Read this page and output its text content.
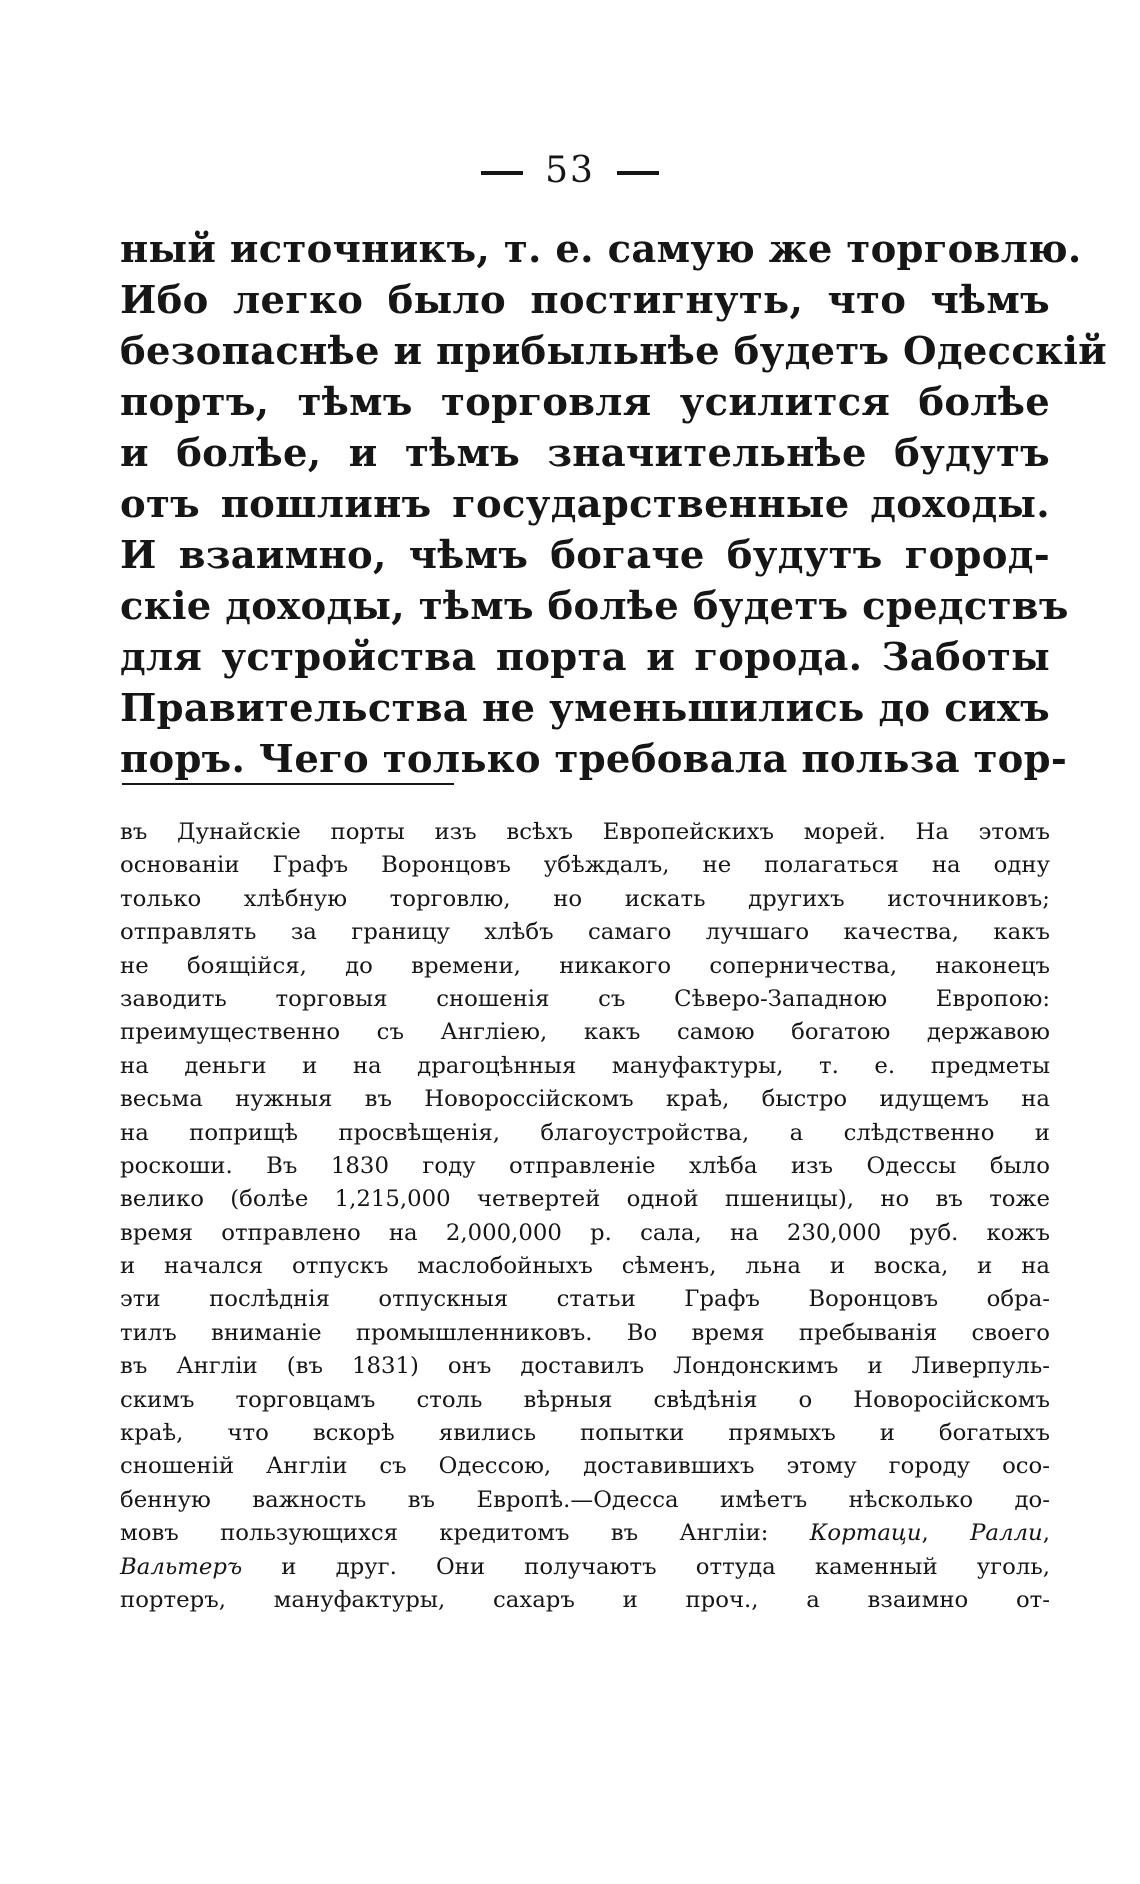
53
ный источникъ, т. е. самую же торговлю.
Ибо легко было постигнуть, что чѣмъ
безопаснѣе и прибыльнѣе будетъ Одесскій
портъ, тѣмъ торговля усилится болѣе
и болѣе, и тѣмъ значительнѣе будутъ
отъ пошлинъ государственные доходы.
И взаимно, чѣмъ богаче будутъ город-
скіе доходы, тѣмъ болѣе будетъ средствъ
для устройства порта и города. Заботы
Правительства не уменьшились до сихъ
поръ. Чего только требовала польза тор-
въ Дунайскіе порты изъ всѣхъ Европейскихъ морей. На этомъ
основаніи Графъ Воронцовъ убѣждалъ, не полагаться на одну
только хлѣбную торговлю, но искать другихъ источниковъ;
отправлять за границу хлѣбъ самаго лучшаго качества, какъ
не боящійся, до времени, никакого соперничества, наконецъ
заводить торговыя сношенія съ Сѣверо-Западною Европою:
преимущественно съ Англіею, какъ самою богатою державою
на деньги и на драгоцѣнныя мануфактуры, т. е. предметы
весьма нужныя въ Новороссійскомъ краѣ, быстро идущемъ на
на поприщѣ просвѣщенія, благоустройства, а слѣдственно и
роскоши. Въ 1830 году отправленіе хлѣба изъ Одессы было
велико (болѣе 1,215,000 четвертей одной пшеницы), но въ тоже
время отправлено на 2,000,000 р. сала, на 230,000 руб. кожъ
и начался отпускъ маслобойныхъ сѣменъ, льна и воска, и на
эти послѣднія отпускныя статьи Графъ Воронцовъ обра-
тилъ вниманіе промышленниковъ. Во время пребыванія своего
въ Англіи (въ 1831) онъ доставилъ Лондонскимъ и Ливерпуль-
скимъ торговцамъ столь вѣрныя свѣдѣнія о Новоросійскомъ
краѣ, что вскорѣ явились попытки прямыхъ и богатыхъ
сношеній Англіи съ Одессою, доставившихъ этому городу осо-
бенную важность въ Европѣ.—Одесса имѣетъ нѣсколько до-
мовъ пользующихся кредитомъ въ Англіи: Кортаци, Ралли,
Вальтеръ и друг. Они получаютъ оттуда каменный уголь,
портеръ, мануфактуры, сахаръ и проч., а взаимно от-
